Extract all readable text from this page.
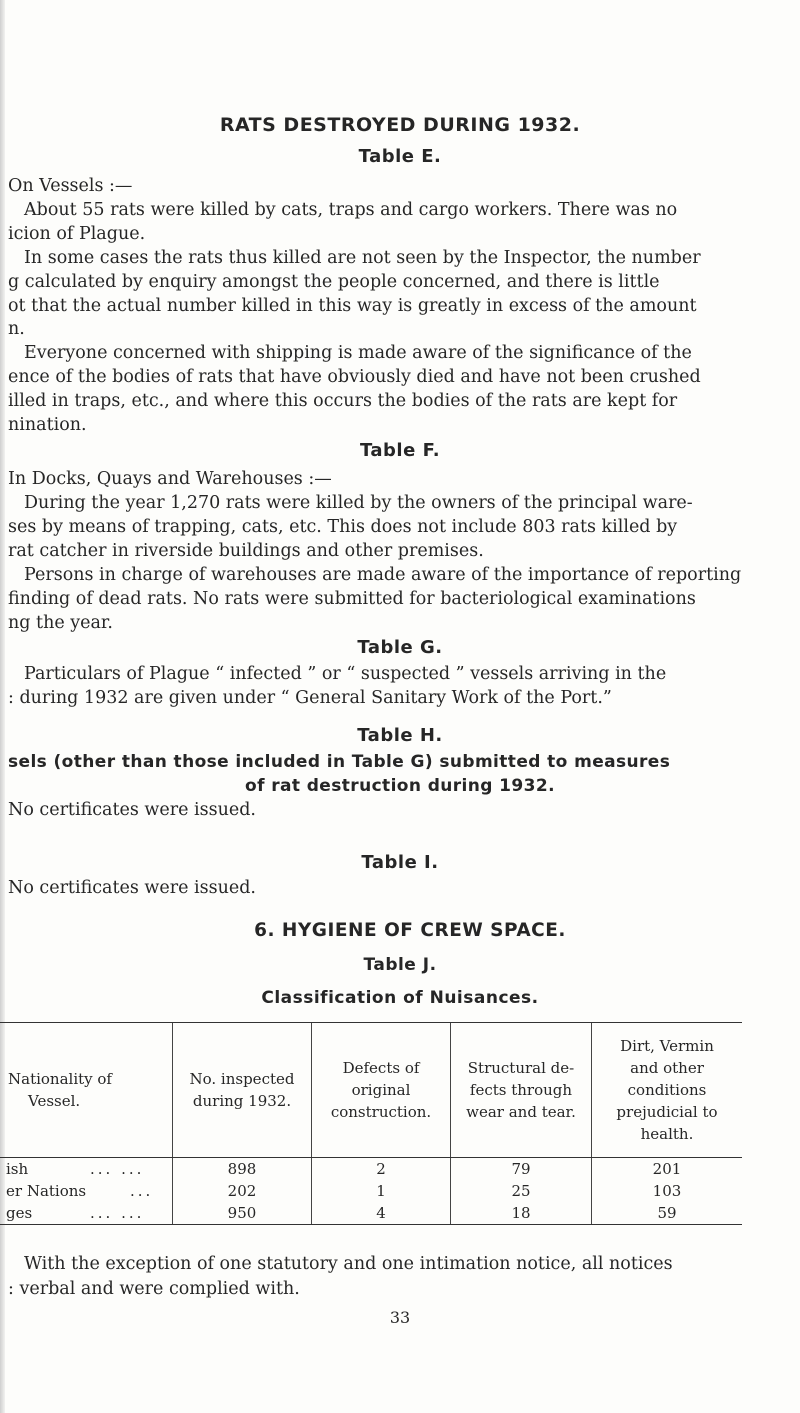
RATS DESTROYED DURING 1932.
Table E.
On Vessels :—
About 55 rats were killed by cats, traps and cargo workers. There was no
icion of Plague.
In some cases the rats thus killed are not seen by the Inspector, the number
g calculated by enquiry amongst the people concerned, and there is little
ot that the actual number killed in this way is greatly in excess of the amount
n.
Everyone concerned with shipping is made aware of the significance of the
ence of the bodies of rats that have obviously died and have not been crushed
illed in traps, etc., and where this occurs the bodies of the rats are kept for
nination.
Table F.
In Docks, Quays and Warehouses :—
During the year 1,270 rats were killed by the owners of the principal ware-
ses by means of trapping, cats, etc. This does not include 803 rats killed by
rat catcher in riverside buildings and other premises.
Persons in charge of warehouses are made aware of the importance of reporting
finding of dead rats. No rats were submitted for bacteriological examinations
ng the year.
Table G.
Particulars of Plague “ infected ” or “ suspected ” vessels arriving in the
: during 1932 are given under “ General Sanitary Work of the Port.”
Table H.
sels (other than those included in Table G) submitted to measures
of rat destruction during 1932.
No certificates were issued.
Table I.
No certificates were issued.
6. HYGIENE OF CREW SPACE.
Table J.
Classification of Nuisances.
Nationality of
Vessel.	No. inspected
during 1932.	Defects of
original
construction.	Structural de-
fects through
wear and tear.	Dirt, Vermin
and other
conditions
prejudicial to
health.
ish ... ...	898	2	79	201
er Nations ...	202	1	25	103
ges ... ...	950	4	18	59
With the exception of one statutory and one intimation notice, all notices
: verbal and were complied with.
33
